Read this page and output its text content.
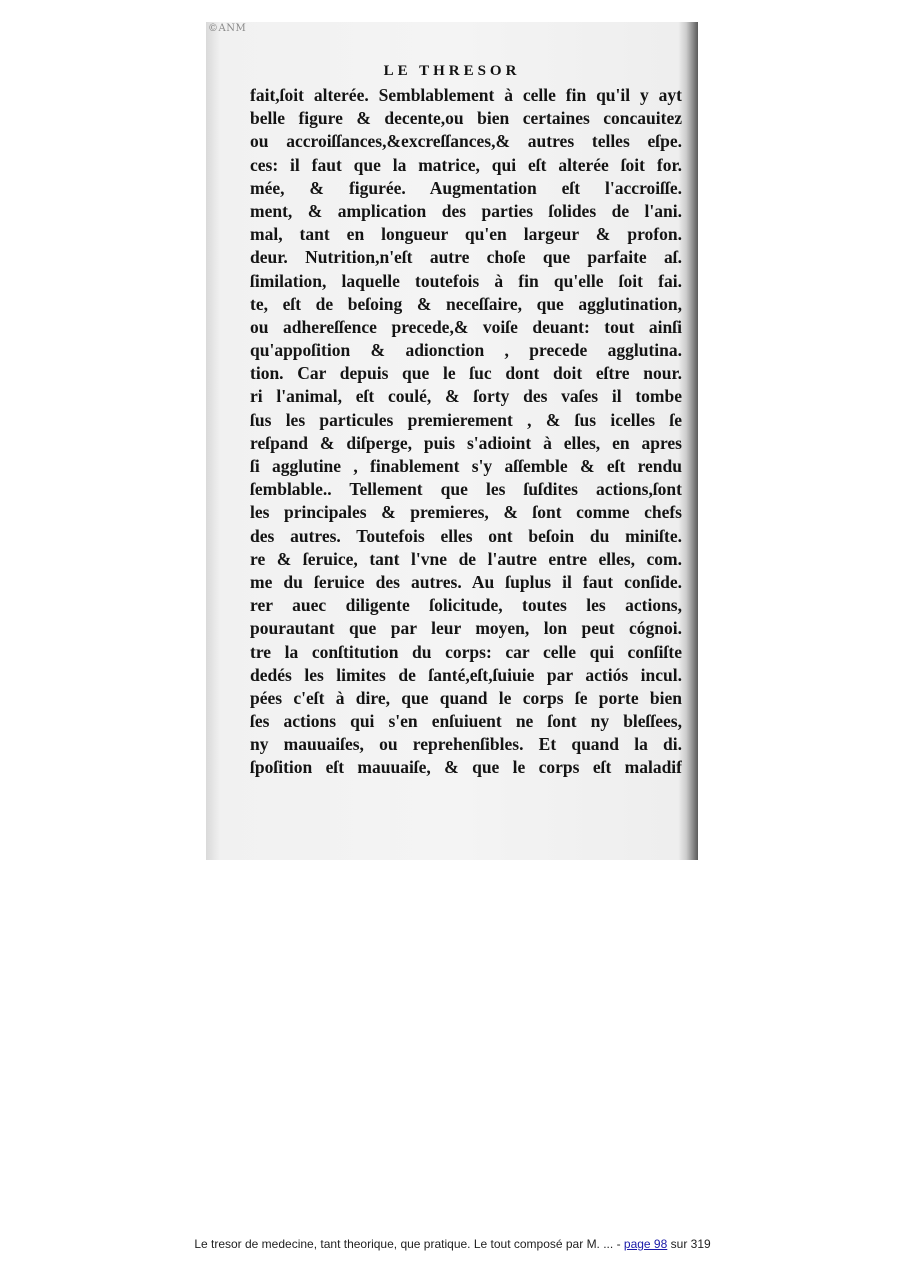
©ANM
LE THRESOR
fait,ſoit alterée. Semblablement à celle fin qu'il y ayt
belle figure & decente,ou bien certaines concauitez
ou accroiſſances,&excreſſances,& autres telles eſpe.
ces: il faut que la matrice, qui eſt alterée ſoit for.
mée, & figurée. Augmentation eſt l'accroiſſe.
ment, & amplication des parties ſolides de l'ani.
mal, tant en longueur qu'en largeur & profon.
deur. Nutrition,n'eſt autre choſe que parfaite aſ.
ſimilation, laquelle toutefois à fin qu'elle ſoit fai.
te, eſt de beſoing & neceſſaire, que agglutination,
ou adhereſſence precede,& voiſe deuant: tout ainſi
qu'appoſition & adionction , precede agglutina.
tion. Car depuis que le ſuc dont doit eſtre nour.
ri l'animal, eſt coulé, & ſorty des vaſes il tombe
ſus les particules premierement , & ſus icelles ſe
reſpand & diſperge, puis s'adioint à elles, en apres
ſi agglutine , finablement s'y aſſemble & eſt rendu
ſemblable.. Tellement que les ſuſdites actions,ſont
les principales & premieres, & ſont comme chefs
des autres. Toutefois elles ont beſoin du miniſte.
re & ſeruice, tant l'vne de l'autre entre elles, com.
me du ſeruice des autres. Au ſuplus il faut conſide.
rer auec diligente ſolicitude, toutes les actions,
pourautant que par leur moyen, lon peut cógnoi.
tre la conſtitution du corps: car celle qui conſiſte
dedés les limites de ſanté,eſt,ſuiuie par actiós incul.
pées c'eſt à dire, que quand le corps ſe porte bien
ſes actions qui s'en enſuiuent ne ſont ny bleſſees,
ny mauuaiſes, ou reprehenſibles. Et quand la di.
ſpoſition eſt mauuaiſe, & que le corps eſt maladif
Le tresor de medecine, tant theorique, que pratique. Le tout composé par M. ... - page 98 sur 319
